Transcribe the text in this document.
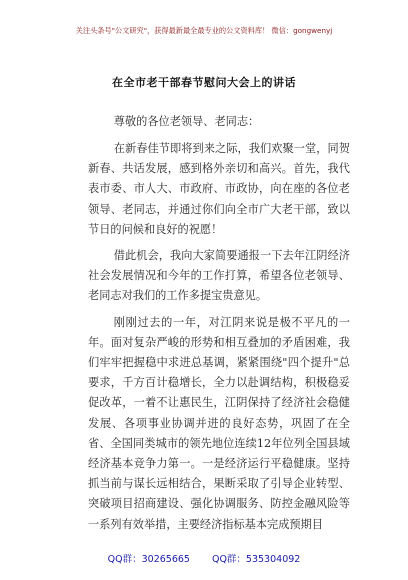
关注头条号"公文研究"，获得最新最全最专业的公文资料库！ 微信：gongwenyj
在全市老干部春节慰问大会上的讲话

尊敬的各位老领导、老同志：

在新春佳节即将到来之际，我们欢聚一堂，同贺新春、共话发展，感到格外亲切和高兴。首先，我代表市委、市人大、市政府、市政协，向在座的各位老领导、老同志，并通过你们向全市广大老干部，致以节日的问候和良好的祝愿！

借此机会，我向大家简要通报一下去年江阴经济社会发展情况和今年的工作打算，希望各位老领导、老同志对我们的工作多提宝贵意见。

刚刚过去的一年，对江阴来说是极不平凡的一年。面对复杂严峻的形势和相互叠加的矛盾困难，我们牢牢把握稳中求进总基调，紧紧围绕"四个提升"总要求，千方百计稳增长，全力以赴调结构，积极稳妥促改革，一着不让惠民生，江阴保持了经济社会稳健发展、各项事业协调并进的良好态势，巩固了在全省、全国同类城市的领先地位连续12年位列全国县域经济基本竞争力第一。一是经济运行平稳健康。坚持抓当前与谋长远相结合，果断采取了引导企业转型、突破项目招商建设、强化协调服务、防控金融风险等一系列有效举措，主要经济指标基本完成预期目

QQ群：30265665 QQ群：535304092
